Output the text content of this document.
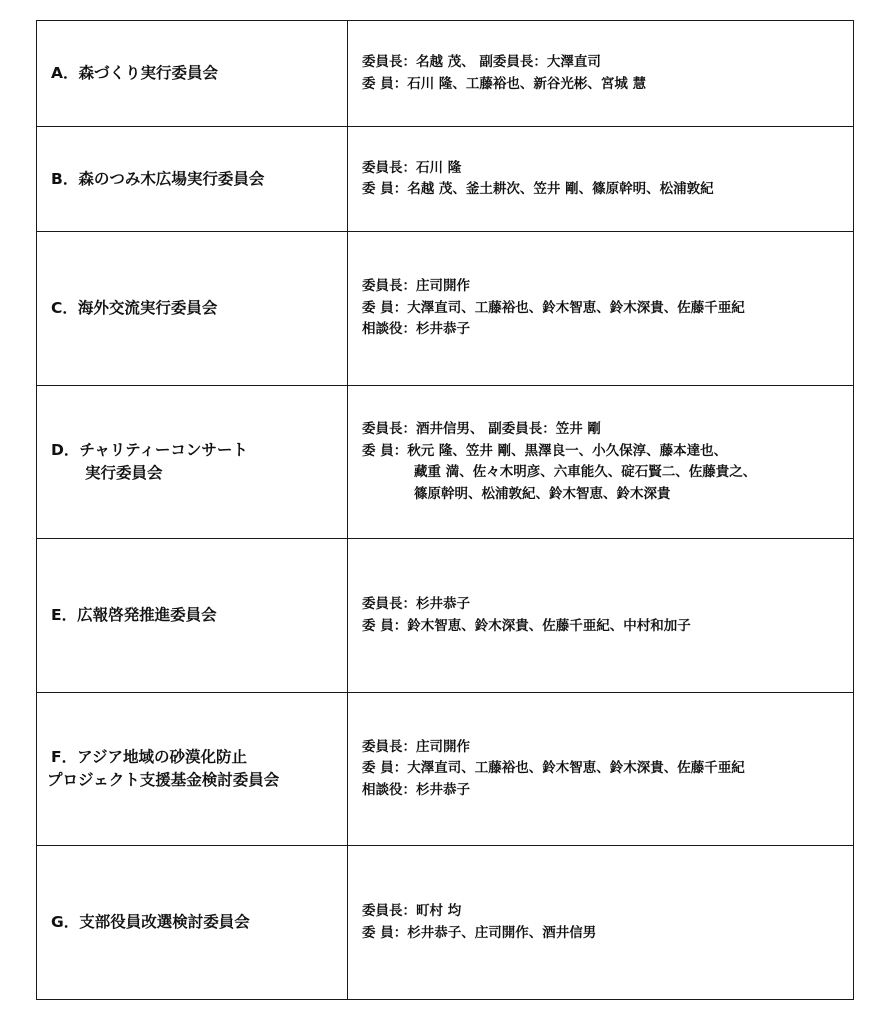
A．森づくり実行委員会	委員長：名越 茂、 副委員長：大澤直司
委 員：石川 隆、工藤裕也、新谷光彬、宮城 慧

B．森のつみ木広場実行委員会	委員長：石川 隆
委 員：名越 茂、釜土耕次、笠井 剛、篠原幹明、松浦敦紀

C．海外交流実行委員会	委員長：庄司開作
委 員：大澤直司、工藤裕也、鈴木智恵、鈴木深貴、佐藤千亜紀
相談役：杉井恭子

D．チャリティーコンサート
実行委員会	委員長：酒井信男、 副委員長：笠井 剛
委 員：秋元 隆、笠井 剛、黒澤良一、小久保淳、藤本達也、
藏重 満、佐々木明彦、六車能久、碇石賢二、佐藤貴之、
篠原幹明、松浦敦紀、鈴木智恵、鈴木深貴

E．広報啓発推進委員会	委員長：杉井恭子
委 員：鈴木智恵、鈴木深貴、佐藤千亜紀、中村和加子

F．アジア地域の砂漠化防止
プロジェクト支援基金検討委員会	委員長：庄司開作
委 員：大澤直司、工藤裕也、鈴木智恵、鈴木深貴、佐藤千亜紀
相談役：杉井恭子

G．支部役員改選検討委員会	委員長：町村 均
委 員：杉井恭子、庄司開作、酒井信男
